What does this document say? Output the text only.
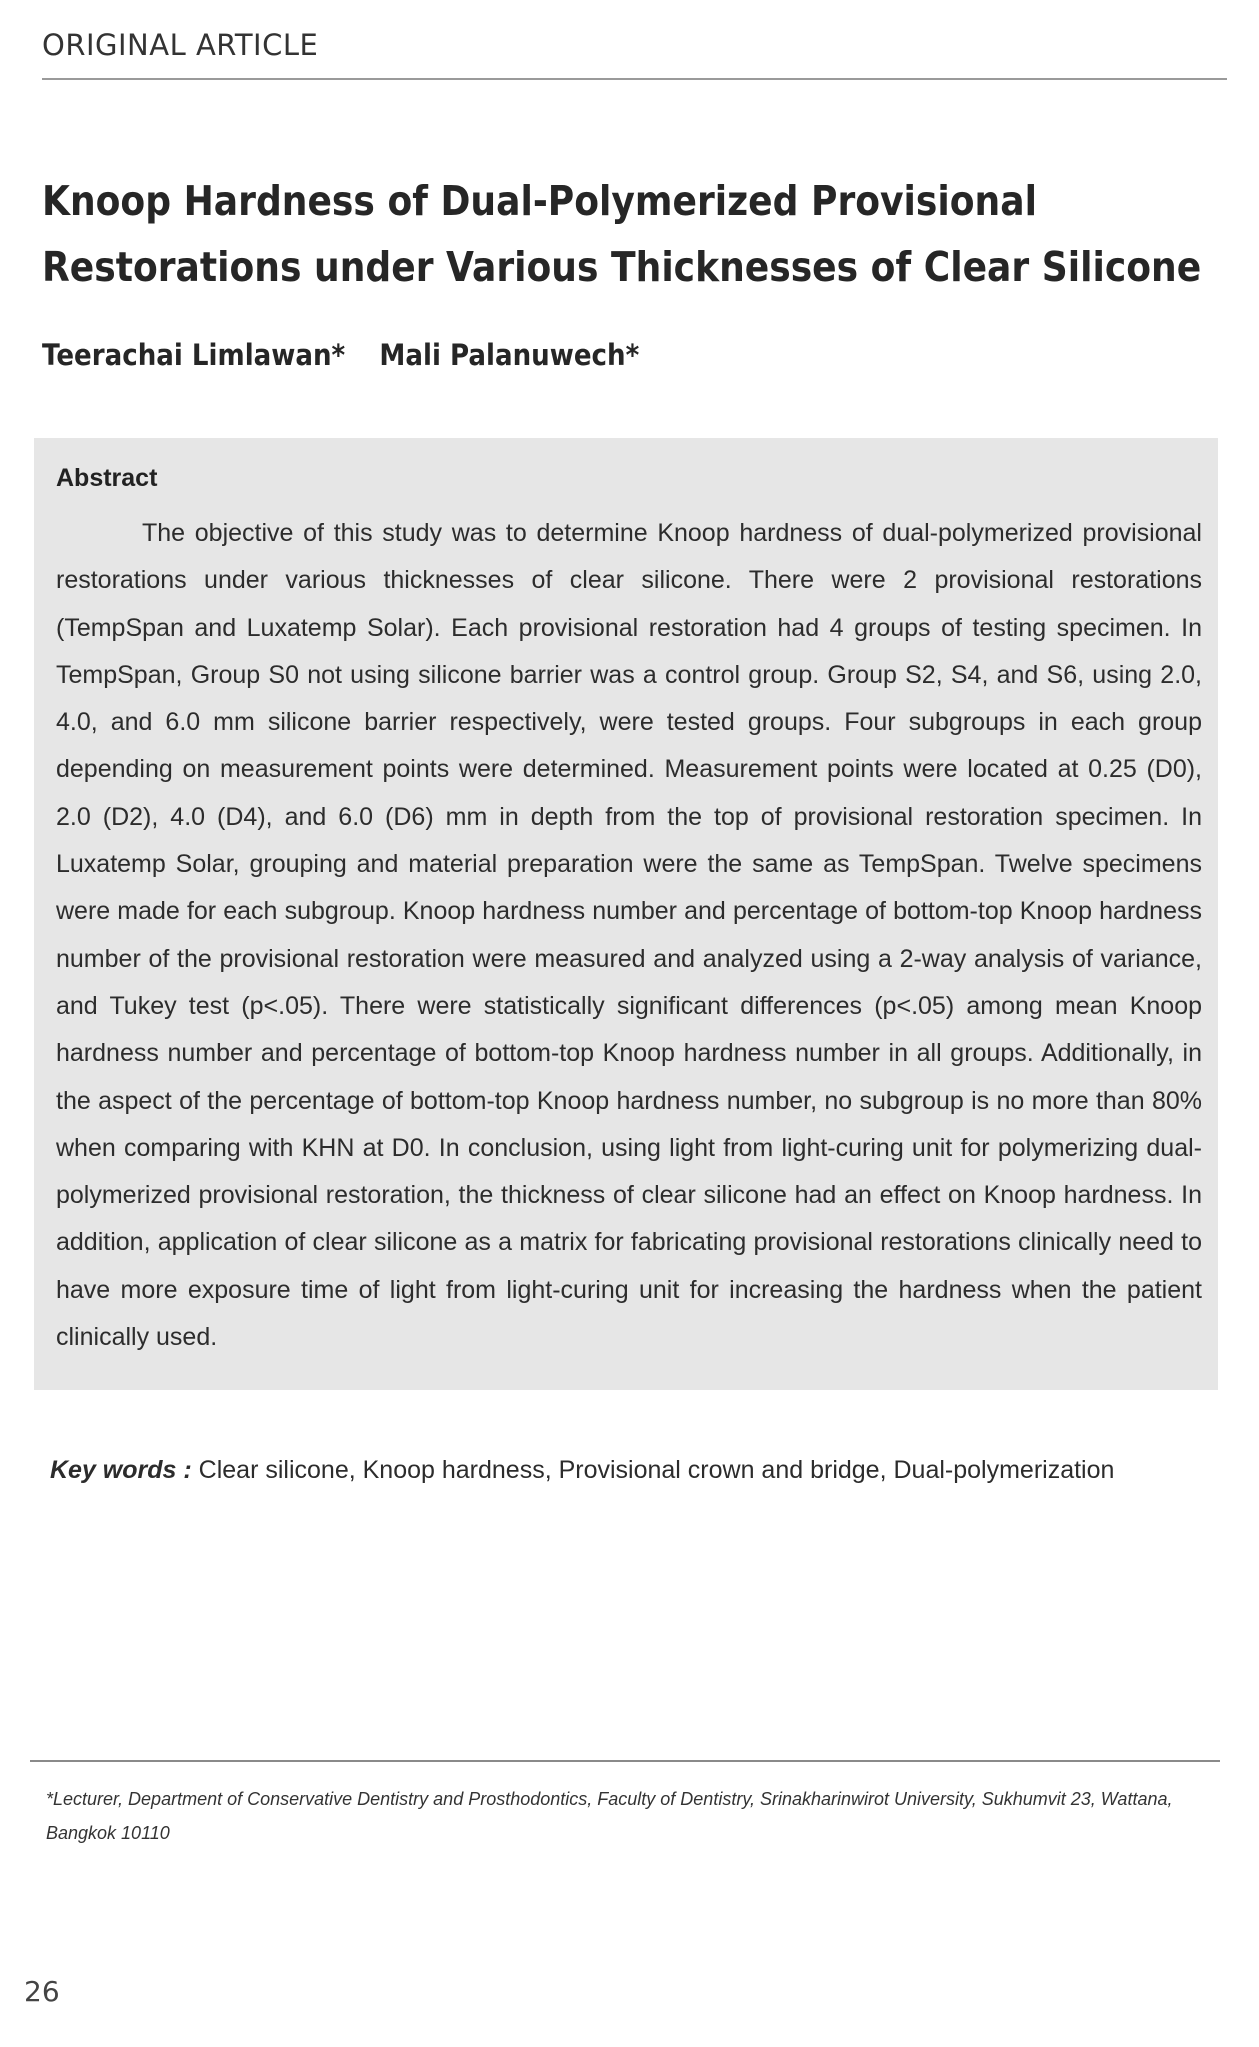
ORIGINAL ARTICLE
Knoop Hardness of Dual-Polymerized Provisional Restorations under Various Thicknesses of Clear Silicone
Teerachai Limlawan* Mali Palanuwech*
Abstract

The objective of this study was to determine Knoop hardness of dual-polymerized provisional restorations under various thicknesses of clear silicone. There were 2 provisional restorations (TempSpan and Luxatemp Solar). Each provisional restoration had 4 groups of testing specimen. In TempSpan, Group S0 not using silicone barrier was a control group. Group S2, S4, and S6, using 2.0, 4.0, and 6.0 mm silicone barrier respectively, were tested groups. Four subgroups in each group depending on measurement points were determined. Measurement points were located at 0.25 (D0), 2.0 (D2), 4.0 (D4), and 6.0 (D6) mm in depth from the top of provisional restoration specimen. In Luxatemp Solar, grouping and material preparation were the same as TempSpan. Twelve specimens were made for each subgroup. Knoop hardness number and percentage of bottom-top Knoop hardness number of the provisional restoration were measured and analyzed using a 2-way analysis of variance, and Tukey test (p<.05). There were statistically significant differences (p<.05) among mean Knoop hardness number and percentage of bottom-top Knoop hardness number in all groups. Additionally, in the aspect of the percentage of bottom-top Knoop hardness number, no subgroup is no more than 80% when comparing with KHN at D0. In conclusion, using light from light-curing unit for polymerizing dual-polymerized provisional restoration, the thickness of clear silicone had an effect on Knoop hardness. In addition, application of clear silicone as a matrix for fabricating provisional restorations clinically need to have more exposure time of light from light-curing unit for increasing the hardness when the patient clinically used.

Key words : Clear silicone, Knoop hardness, Provisional crown and bridge, Dual-polymerization

*Lecturer, Department of Conservative Dentistry and Prosthodontics, Faculty of Dentistry, Srinakharinwirot University, Sukhumvit 23, Wattana, Bangkok 10110

26
